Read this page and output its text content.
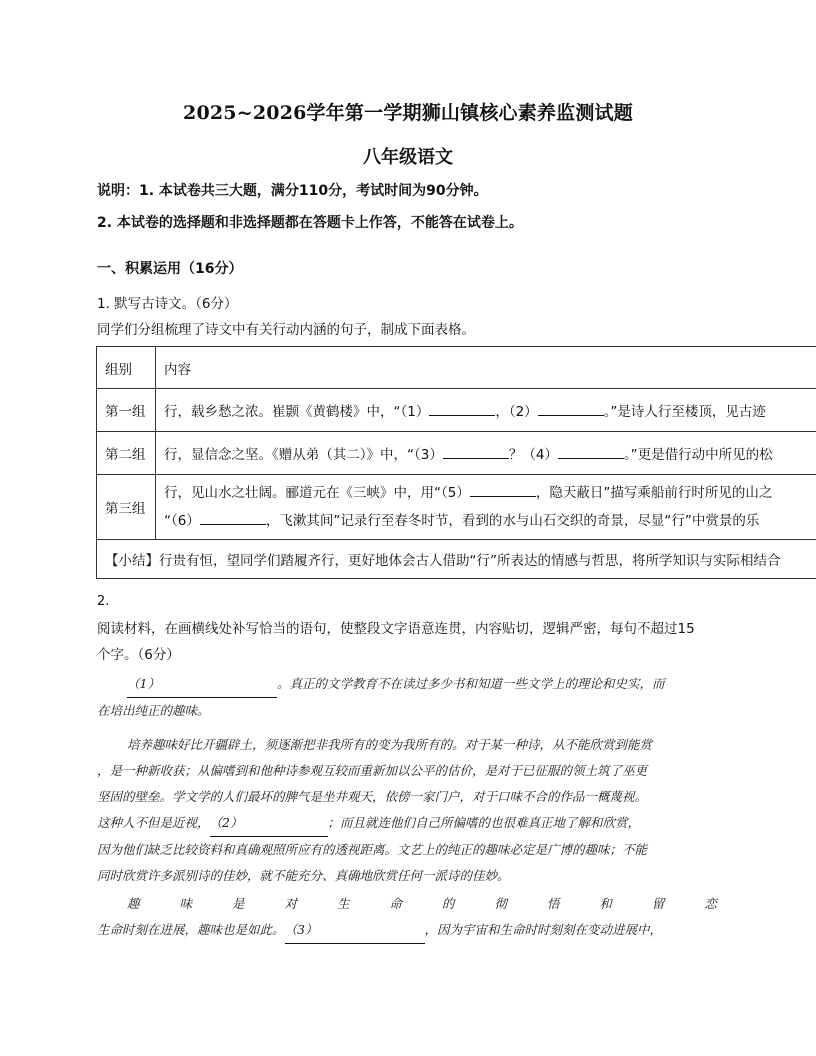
2025~2026学年第一学期狮山镇核心素养监测试题
八年级语文
说明：1. 本试卷共三大题，满分110分，考试时间为90分钟。
2. 本试卷的选择题和非选择题都在答题卡上作答，不能答在试卷上。
一、积累运用（16分）
1. 默写古诗文。（6分）
同学们分组梳理了诗文中有关行动内涵的句子，制成下面表格。
组别	内容
第一组	行，载乡愁之浓。崔颢《黄鹤楼》中，“（1） ，（2） 。”是诗人行至楼顶，见古迹
第二组	行，显信念之坚。《赠从弟（其二）》中，“（3） ？（4） 。”更是借行动中所见的松
第三组	行，见山水之壮阔。郦道元在《三峡》中，用“（5） ，隐天蔽日”描写乘船前行时所见的山之
“（6） ，飞漱其间”记录行至春冬时节，看到的水与山石交织的奇景，尽显“行”中赏景的乐

【小结】行贵有恒，望同学们踏履齐行，更好地体会古人借助“行”所表达的情感与哲思，将所学知识与实际相结合	
2.
阅读材料，在画横线处补写恰当的语句，使整段文字语意连贯，内容贴切，逻辑严密，每句不超过15
个字。（6分）
（1）	。真正的文学教育不在读过多少书和知道一些文学上的理论和史实，而
在培出纯正的趣味。
培养趣味好比开疆辟土，须逐渐把非我所有的变为我所有的。对于某一种诗，从不能欣赏到能赏
，是一种新收获；从偏嗜到和他种诗参观互较而重新加以公平的估价，是对于已征服的领土筑了巫更
坚固的壁垒。学文学的人们最坏的脾气是坐井观天，依傍一家门户，对于口味不合的作品一概蔑视。
这种人不但是近视，（2）	；而且就连他们自己所偏嗜的也很难真正地了解和欣赏，
因为他们缺乏比较资料和真确观照所应有的透视距离。文艺上的纯正的趣味必定是广博的趣味；不能
同时欣赏许多派别诗的佳妙，就不能充分、真确地欣赏任何一派诗的佳妙。
趣	味	是	对	生	命	的	彻	悟	和	留	恋
生命时刻在进展，趣味也是如此。（3）	，因为宇宙和生命时时刻刻在变动进展中，
